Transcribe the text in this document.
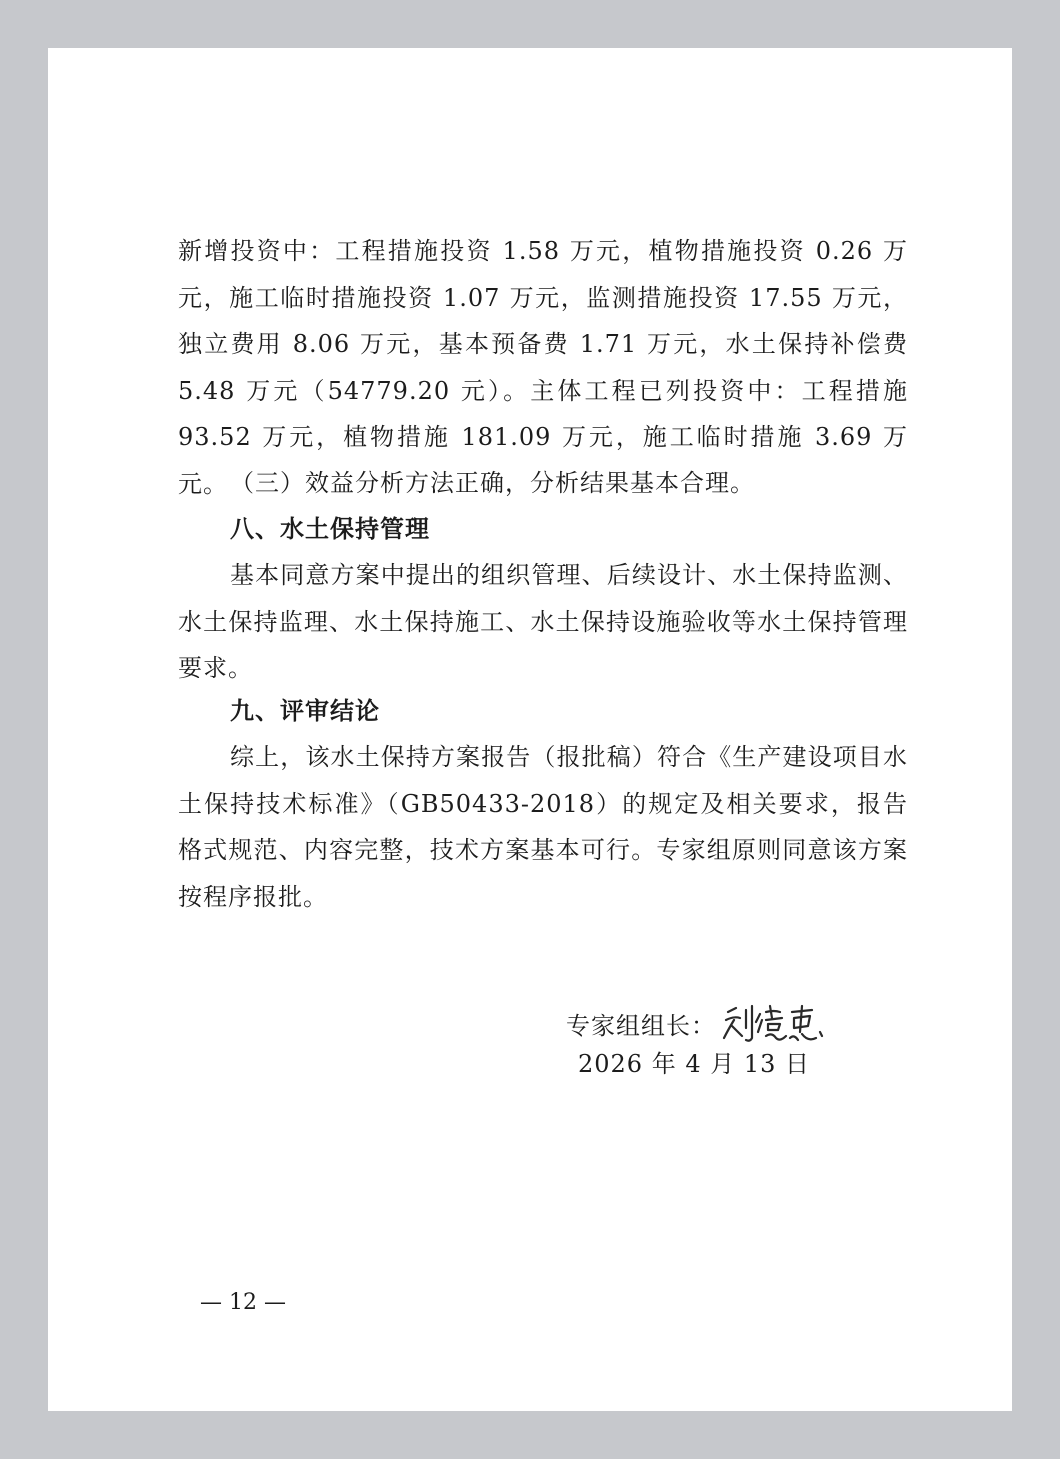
新增投资中：工程措施投资 1.58 万元，植物措施投资 0.26 万元，施工临时措施投资 1.07 万元，监测措施投资 17.55 万元，独立费用 8.06 万元，基本预备费 1.71 万元，水土保持补偿费 5.48 万元（54779.20 元）。主体工程已列投资中：工程措施 93.52 万元，植物措施 181.09 万元，施工临时措施 3.69 万元。 （三）效益分析方法正确，分析结果基本合理。

八、水土保持管理

基本同意方案中提出的组织管理、后续设计、水土保持监测、水土保持监理、水土保持施工、水土保持设施验收等水土保持管理要求。

九、评审结论

综上，该水土保持方案报告（报批稿）符合《生产建设项目水土保持技术标准》（GB50433-2018）的规定及相关要求，报告格式规范、内容完整，技术方案基本可行。专家组原则同意该方案按程序报批。

专家组组长：
2026 年 4 月 13 日
— 12 —
